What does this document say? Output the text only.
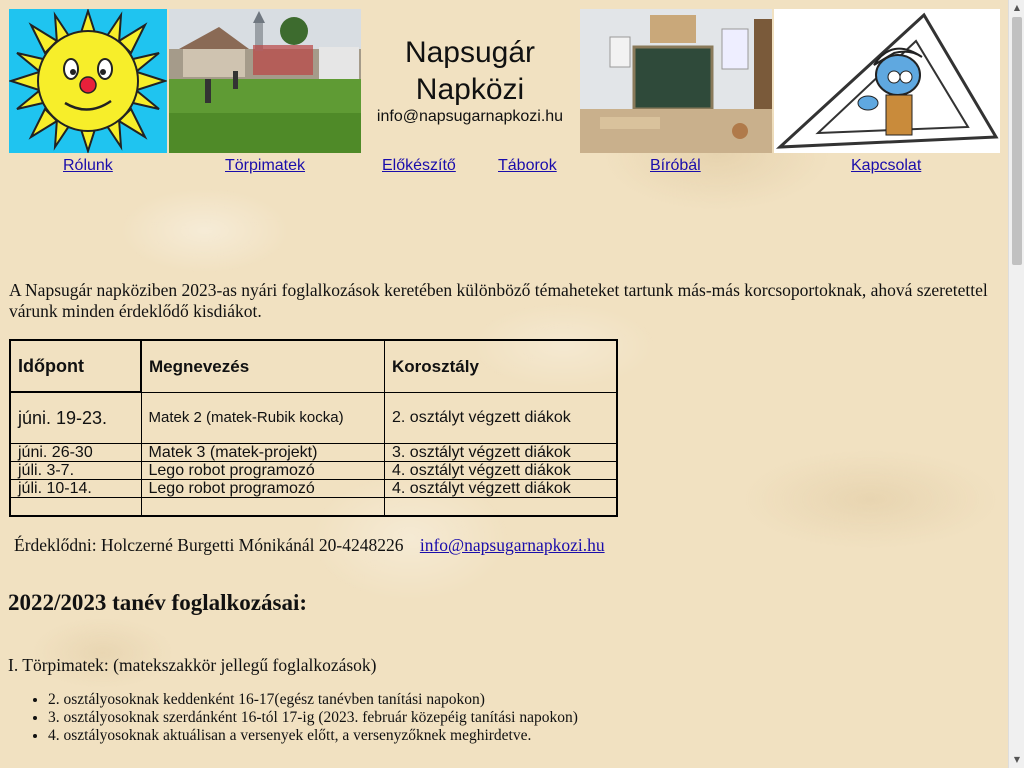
Napsugár
Napközi
info@napsugarnapkozi.hu
Rólunk	Törpimatek	Előkészítő	Táborok	Bíróbál	Kapcsolat
A Napsugár napköziben 2023-as nyári foglalkozások keretében különböző témaheteket tartunk más-más korcsoportoknak, ahová szeretettel várunk minden érdeklődő kisdiákot.
Időpont	Megnevezés	Korosztály
júni. 19-23.	Matek 2 (matek-Rubik kocka)	2. osztályt végzett diákok
júni. 26-30	Matek 3 (matek-projekt)	3. osztályt végzett diákok
júli. 3-7.	Lego robot programozó	4. osztályt végzett diákok
júli. 10-14.	Lego robot programozó	4. osztályt végzett diákok

Érdeklődni: Holczerné Burgetti Mónikánál 20-4248226 info@napsugarnapkozi.hu
2022/2023 tanév foglalkozásai:
I. Törpimatek: (matekszakkör jellegű foglalkozások)
• 2. osztályosoknak keddenként 16-17(egész tanévben tanítási napokon)
• 3. osztályosoknak szerdánként 16-tól 17-ig (2023. február közepéig tanítási napokon)
• 4. osztályosoknak aktuálisan a versenyek előtt, a versenyzőknek meghirdetve.
▲
▼
